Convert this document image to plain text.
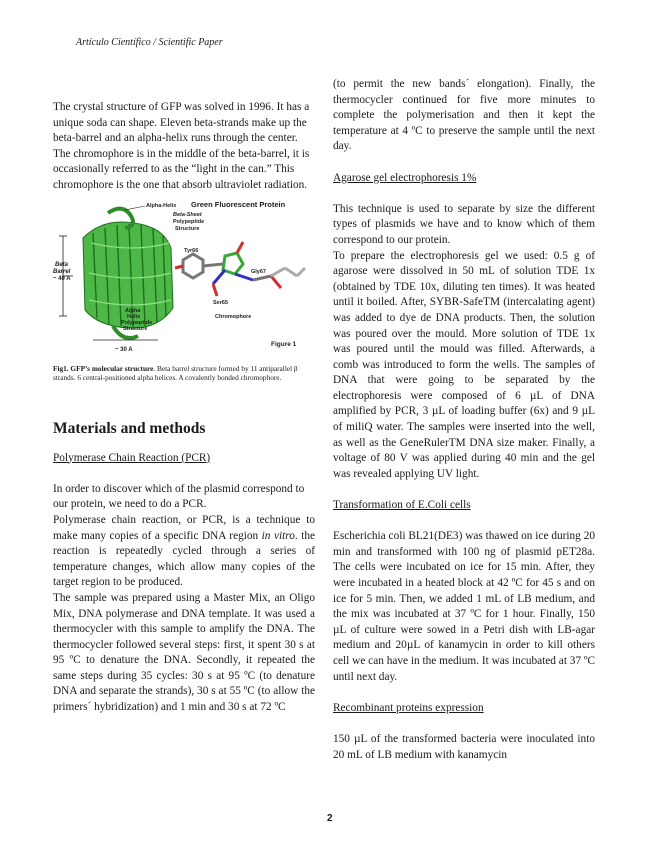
Artículo Científico / Scientific Paper

The crystal structure of GFP was solved in 1996. It has a unique soda can shape. Eleven beta-strands make up the beta-barrel and an alpha-helix runs through the center. The chromophore is in the middle of the beta-barrel, it is occasionally referred to as the “light in the can.” This chromophore is the one that absorb ultraviolet radiation.

Green Fluorescent Protein
Beta
Barrel
~ 40 A
Alpha-Helix
Beta-Sheet
Polypeptide
Structure
Alpha
Helix
Polypeptide
Structure
~ 30 A
Tyr66
Gly67
Ser65
Chromophore
Figure 1
Fig1. GFP’s molecular structure. Beta barrel structure formed by 11 antiparallel β strands. 6 central-positioned alpha helices. A covalently bonded chromophore.

Materials and methods

Polymerase Chain Reaction (PCR)

In order to discover which of the plasmid correspond to our protein, we need to do a PCR.

Polymerase chain reaction, or PCR, is a technique to make many copies of a specific DNA region in vitro. the reaction is repeatedly cycled through a series of temperature changes, which allow many copies of the target region to be produced.

The sample was prepared using a Master Mix, an Oligo Mix, DNA polymerase and DNA template. It was used a thermocycler with this sample to amplify the DNA. The thermocycler followed several steps: first, it spent 30 s at 95 ºC to denature the DNA. Secondly, it repeated the same steps during 35 cycles: 30 s at 95 ºC (to denature DNA and separate the strands), 30 s at 55 ºC (to allow the primers´ hybridization) and 1 min and 30 s at 72 ºC

(to permit the new bands´ elongation). Finally, the thermocycler continued for five more minutes to complete the polymerisation and then it kept the temperature at 4 ºC to preserve the sample until the next day.

Agarose gel electrophoresis 1%

This technique is used to separate by size the different types of plasmids we have and to know which of them correspond to our protein.

To prepare the electrophoresis gel we used: 0.5 g of agarose were dissolved in 50 mL of solution TDE 1x (obtained by TDE 10x, diluting ten times). It was heated until it boiled. After, SYBR-SafeTM (intercalating agent) was added to dye de DNA products. Then, the solution was poured over the mould. More solution of TDE 1x was poured until the mould was filled. Afterwards, a comb was introduced to form the wells. The samples of DNA that were going to be separated by the electrophoresis were composed of 6 µL of DNA amplified by PCR, 3 µL of loading buffer (6x) and 9 µL of miliQ water. The samples were inserted into the well, as well as the GeneRulerTM DNA size maker. Finally, a voltage of 80 V was applied during 40 min and the gel was revealed applying UV light.

Transformation of E.Coli cells

Escherichia coli BL21(DE3) was thawed on ice during 20 min and transformed with 100 ng of plasmid pET28a. The cells were incubated on ice for 15 min. After, they were incubated in a heated block at 42 ºC for 45 s and on ice for 5 min. Then, we added 1 mL of LB medium, and the mix was incubated at 37 ºC for 1 hour. Finally, 150 µL of culture were sowed in a Petri dish with LB-agar medium and 20µL of kanamycin in order to kill others cell we can have in the medium. It was incubated at 37 ºC until next day.

Recombinant proteins expression

150 µL of the transformed bacteria were inoculated into 20 mL of LB medium with kanamycin

2
